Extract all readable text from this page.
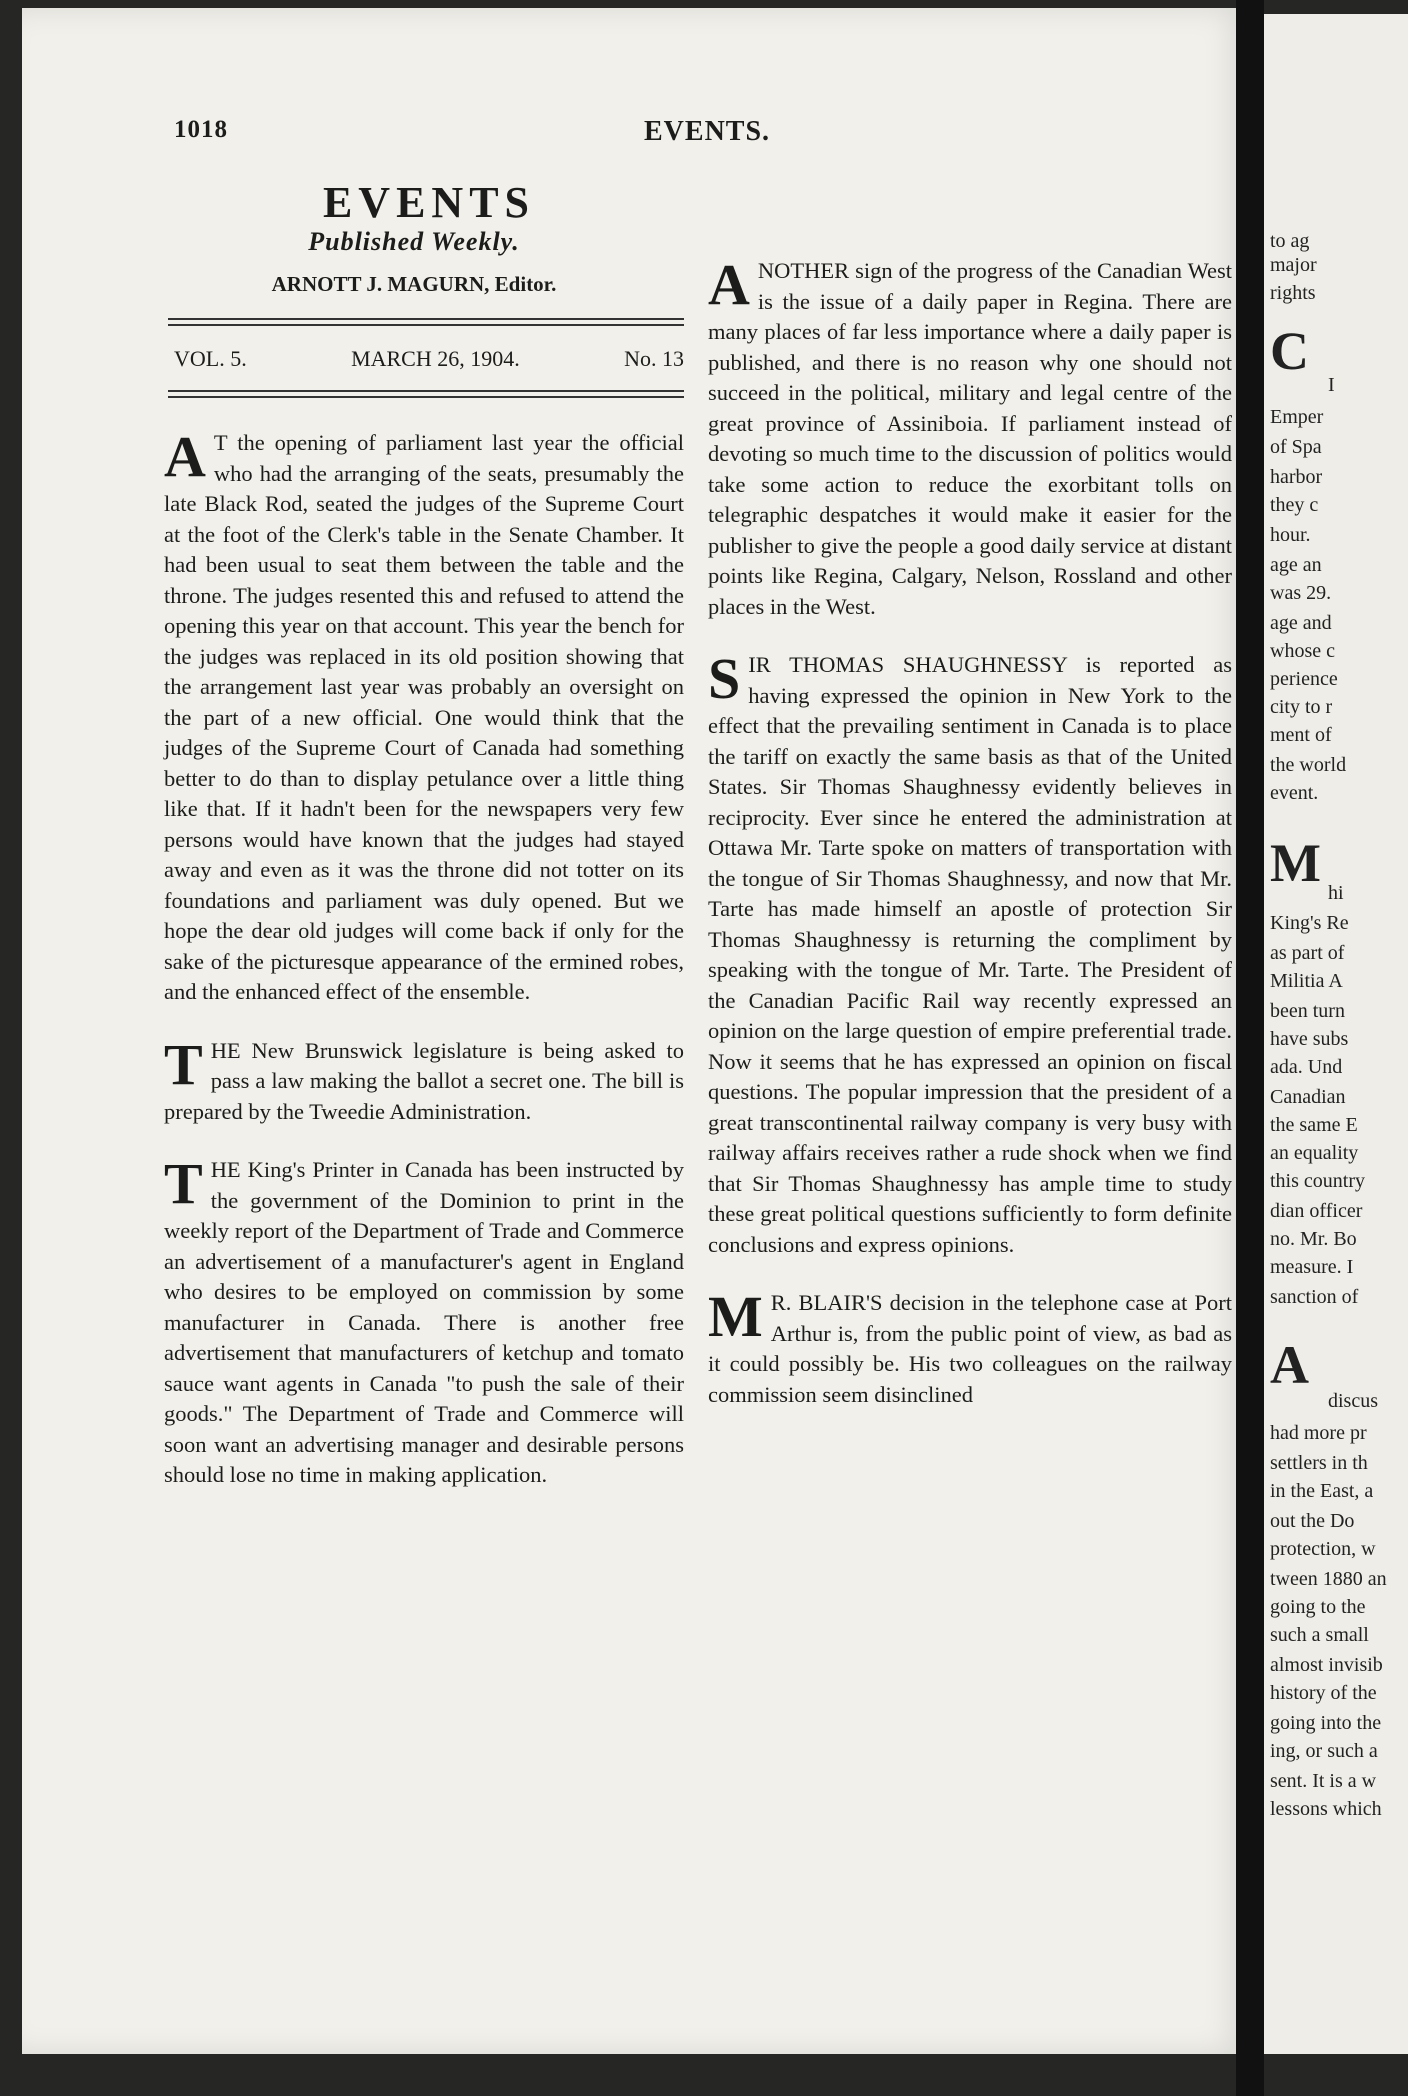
1018	EVENTS.
EVENTS
Published Weekly.
ARNOTT J. MAGURN, Editor.
VOL. 5.	MARCH 26, 1904.	No. 13

A T the opening of parliament last year the official who had the arranging of the seats, presumably the late Black Rod, seated the judges of the Supreme Court at the foot of the Clerk's table in the Senate Chamber. It had been usual to seat them between the table and the throne. The judges resented this and refused to attend the opening this year on that account. This year the bench for the judges was replaced in its old position showing that the arrangement last year was probably an oversight on the part of a new official. One would think that the judges of the Supreme Court of Canada had something better to do than to display petulance over a little thing like that. If it hadn't been for the newspapers very few persons would have known that the judges had stayed away and even as it was the throne did not totter on its foundations and parliament was duly opened. But we hope the dear old judges will come back if only for the sake of the picturesque appearance of the ermined robes, and the enhanced effect of the ensemble.

THE New Brunswick legislature is being asked to pass a law making the ballot a secret one. The bill is prepared by the Tweedie Administration.

THE King's Printer in Canada has been instructed by the government of the Dominion to print in the weekly report of the Department of Trade and Commerce an advertisement of a manufacturer's agent in England who desires to be employed on commission by some manufacturer in Canada. There is another free advertisement that manufacturers of ketchup and tomato sauce want agents in Canada "to push the sale of their goods." The Department of Trade and Commerce will soon want an advertising manager and desirable persons should lose no time in making application.

ANOTHER sign of the progress of the Canadian West is the issue of a daily paper in Regina. There are many places of far less importance where a daily paper is published, and there is no reason why one should not succeed in the political, military and legal centre of the great province of Assiniboia. If parliament instead of devoting so much time to the discussion of politics would take some action to reduce the exorbitant tolls on telegraphic despatches it would make it easier for the publisher to give the people a good daily service at distant points like Regina, Calgary, Nelson, Rossland and other places in the West.

SIR THOMAS SHAUGHNESSY is reported as having expressed the opinion in New York to the effect that the prevailing sentiment in Canada is to place the tariff on exactly the same basis as that of the United States. Sir Thomas Shaughnessy evidently believes in reciprocity. Ever since he entered the administration at Ottawa Mr. Tarte spoke on matters of transportation with the tongue of Sir Thomas Shaughnessy, and now that Mr. Tarte has made himself an apostle of protection Sir Thomas Shaughnessy is returning the compliment by speaking with the tongue of Mr. Tarte. The President of the Canadian Pacific Rail way recently expressed an opinion on the large question of empire preferential trade. Now it seems that he has expressed an opinion on fiscal questions. The popular impression that the president of a great transcontinental railway company is very busy with railway affairs receives rather a rude shock when we find that Sir Thomas Shaughnessy has ample time to study these great political questions sufficiently to form definite conclusions and express opinions.

M R. BLAIR'S decision in the telephone case at Port Arthur is, from the public point of view, as bad as it could possibly be. His two colleagues on the railway commission seem disinclined

to ag
major
rights
C
I
Emper
of Spa
harbor
they c
hour.
age an
was 29.
age and
whose c
perience
city to r
ment of
the world
event.
M hi
King's Re
as part of
Militia A
been turn
have subs
ada. Und
Canadian
the same E
an equality
this country
dian officer
no. Mr. Bo
measure. I
sanction of
A
discus
had more pr
settlers in th
in the East, a
out the Do
protection, w
tween 1880 an
going to the
such a small
almost invisib
history of the
going into the
ing, or such a
sent. It is a w
lessons which
